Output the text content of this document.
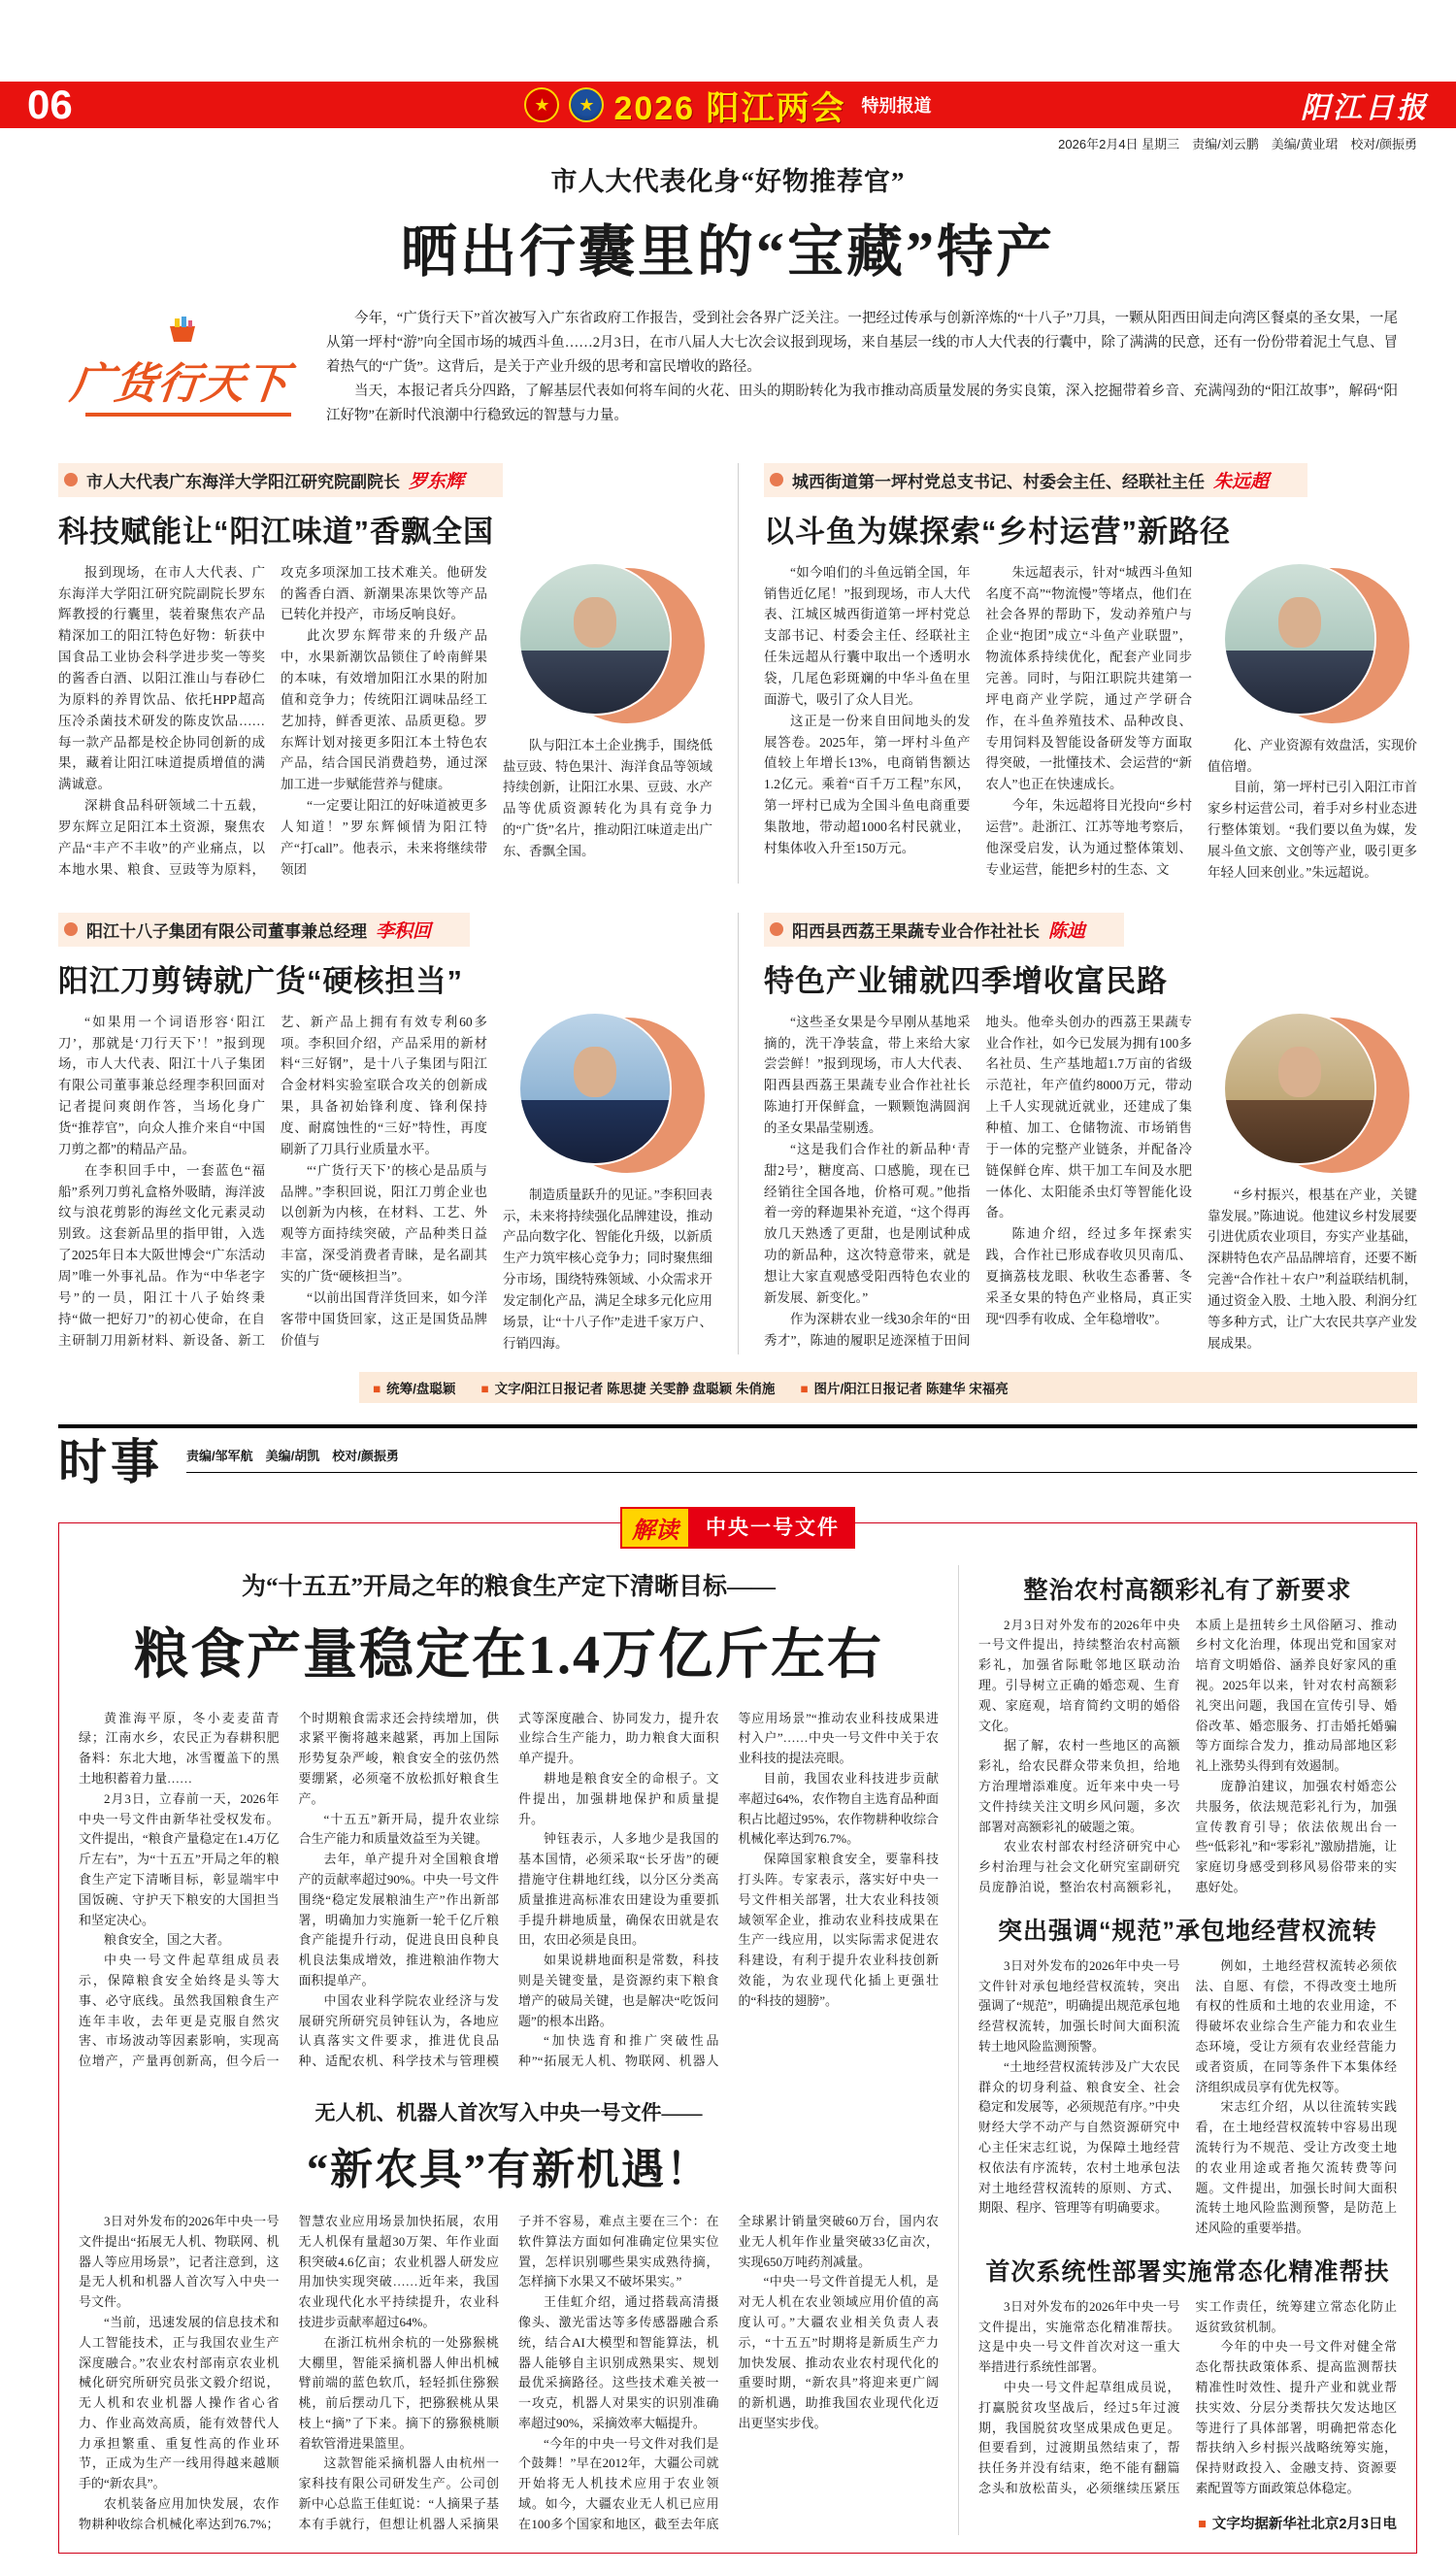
06	★	★ 2026 阳江两会 特别报道	阳江日报
2026年2月4日 星期三　责编/刘云鹏　美编/黄业珺　校对/颜振勇
市人大代表化身“好物推荐官”
晒出行囊里的“宝藏”特产
广货行天下

今年，“广货行天下”首次被写入广东省政府工作报告，受到社会各界广泛关注。一把经过传承与创新淬炼的“十八子”刀具，一颗从阳西田间走向湾区餐桌的圣女果，一尾从第一坪村“游”向全国市场的城西斗鱼……2月3日，在市八届人大七次会议报到现场，来自基层一线的市人大代表的行囊中，除了满满的民意，还有一份份带着泥土气息、冒着热气的“广货”。这背后，是关于产业升级的思考和富民增收的路径。

当天，本报记者兵分四路，了解基层代表如何将车间的火花、田头的期盼转化为我市推动高质量发展的务实良策，深入挖掘带着乡音、充满闯劲的“阳江故事”，解码“阳江好物”在新时代浪潮中行稳致远的智慧与力量。

市人大代表广东海洋大学阳江研究院副院长 罗东辉
科技赋能让“阳江味道”香飘全国

报到现场，在市人大代表、广东海洋大学阳江研究院副院长罗东辉教授的行囊里，装着聚焦农产品精深加工的阳江特色好物：斩获中国食品工业协会科学进步奖一等奖的酱香白酒、以阳江淮山与春砂仁为原料的养胃饮品、依托HPP超高压冷杀菌技术研发的陈皮饮品……每一款产品都是校企协同创新的成果，藏着让阳江味道提质增值的满满诚意。

深耕食品科研领域二十五载，罗东辉立足阳江本土资源，聚焦农产品“丰产不丰收”的产业痛点，以本地水果、粮食、豆豉等为原料，攻克多项深加工技术难关。他研发的酱香白酒、新潮果冻果饮等产品已转化并投产，市场反响良好。

此次罗东辉带来的升级产品中，水果新潮饮品锁住了岭南鲜果的本味，有效增加阳江水果的附加值和竞争力；传统阳江调味品经工艺加持，鲜香更浓、品质更稳。罗东辉计划对接更多阳江本土特色农产品，结合国民消费趋势，通过深加工进一步赋能营养与健康。

“一定要让阳江的好味道被更多人知道！”罗东辉倾情为阳江特产“打call”。他表示，未来将继续带领团

队与阳江本土企业携手，围绕低盐豆豉、特色果汁、海洋食品等领域持续创新，让阳江水果、豆豉、水产品等优质资源转化为具有竞争力的“广货”名片，推动阳江味道走出广东、香飘全国。

城西街道第一坪村党总支书记、村委会主任、经联社主任 朱远超
以斗鱼为媒探索“乡村运营”新路径

“如今咱们的斗鱼远销全国，年销售近亿尾！”报到现场，市人大代表、江城区城西街道第一坪村党总支部书记、村委会主任、经联社主任朱远超从行囊中取出一个透明水袋，几尾色彩斑斓的中华斗鱼在里面游弋，吸引了众人目光。

这正是一份来自田间地头的发展答卷。2025年，第一坪村斗鱼产值较上年增长13%，电商销售额达1.2亿元。乘着“百千万工程”东风，第一坪村已成为全国斗鱼电商重要集散地，带动超1000名村民就业，村集体收入升至150万元。

朱远超表示，针对“城西斗鱼知名度不高”“物流慢”等堵点，他们在社会各界的帮助下，发动养殖户与企业“抱团”成立“斗鱼产业联盟”，物流体系持续优化，配套产业同步完善。同时，与阳江职院共建第一坪电商产业学院，通过产学研合作，在斗鱼养殖技术、品种改良、专用饲料及智能设备研发等方面取得突破，一批懂技术、会运营的“新农人”也正在快速成长。

今年，朱远超将目光投向“乡村运营”。赴浙江、江苏等地考察后，他深受启发，认为通过整体策划、专业运营，能把乡村的生态、文

化、产业资源有效盘活，实现价值倍增。

目前，第一坪村已引入阳江市首家乡村运营公司，着手对乡村业态进行整体策划。“我们要以鱼为媒，发展斗鱼文旅、文创等产业，吸引更多年轻人回来创业。”朱远超说。

阳江十八子集团有限公司董事兼总经理 李积回
阳江刀剪铸就广货“硬核担当”

“如果用一个词语形容‘阳江刀’，那就是‘刀行天下’！”报到现场，市人大代表、阳江十八子集团有限公司董事兼总经理李积回面对记者提问爽朗作答，当场化身广货“推荐官”，向众人推介来自“中国刀剪之都”的精品产品。

在李积回手中，一套蓝色“福船”系列刀剪礼盒格外吸睛，海洋波纹与浪花剪影的海丝文化元素灵动别致。这套新品里的指甲钳，入选了2025年日本大阪世博会“广东活动周”唯一外事礼品。作为“中华老字号”的一员，阳江十八子始终秉持“做一把好刀”的初心使命，在自主研制刀用新材料、新设备、新工艺、新产品上拥有有效专利60多项。李积回介绍，产品采用的新材料“三好钢”，是十八子集团与阳江合金材料实验室联合攻关的创新成果，具备初始锋利度、锋利保持度、耐腐蚀性的“三好”特性，再度刷新了刀具行业质量水平。

“‘广货行天下’的核心是品质与品牌。”李积回说，阳江刀剪企业也以创新为内核，在材料、工艺、外观等方面持续突破，产品种类日益丰富，深受消费者青睐，是名副其实的广货“硬核担当”。

“以前出国背洋货回来，如今洋客带中国货回家，这正是国货品牌价值与

制造质量跃升的见证。”李积回表示，未来将持续强化品牌建设，推动产品向数字化、智能化升级，以新质生产力筑牢核心竞争力；同时聚焦细分市场，围绕特殊领域、小众需求开发定制化产品，满足全球多元化应用场景，让“十八子作”走进千家万户、行销四海。

阳西县西荔王果蔬专业合作社社长 陈迪
特色产业铺就四季增收富民路

“这些圣女果是今早刚从基地采摘的，洗干净装盒，带上来给大家尝尝鲜！”报到现场，市人大代表、阳西县西荔王果蔬专业合作社社长陈迪打开保鲜盒，一颗颗饱满圆润的圣女果晶莹剔透。

“这是我们合作社的新品种‘青甜2号’，糖度高、口感脆，现在已经销往全国各地，价格可观。”他指着一旁的释迦果补充道，“这个得再放几天熟透了更甜，也是刚试种成功的新品种，这次特意带来，就是想让大家直观感受阳西特色农业的新发展、新变化。”

作为深耕农业一线30余年的“田秀才”，陈迪的履职足迹深植于田间地头。他牵头创办的西荔王果蔬专业合作社，如今已发展为拥有100多名社员、生产基地超1.7万亩的省级示范社，年产值约8000万元，带动上千人实现就近就业，还建成了集种植、加工、仓储物流、市场销售于一体的完整产业链条，并配备冷链保鲜仓库、烘干加工车间及水肥一体化、太阳能杀虫灯等智能化设备。

陈迪介绍，经过多年探索实践，合作社已形成春收贝贝南瓜、夏摘荔枝龙眼、秋收生态番薯、冬采圣女果的特色产业格局，真正实现“四季有收成、全年稳增收”。

“乡村振兴，根基在产业，关键靠发展。”陈迪说。他建议乡村发展要引进优质农业项目，夯实产业基础，深耕特色农产品品牌培育，还要不断完善“合作社＋农户”利益联结机制，通过资金入股、土地入股、利润分红等多种方式，让广大农民共享产业发展成果。

■ 统筹/盘聪颖 ■ 文字/阳江日报记者 陈思捷 关雯静 盘聪颖 朱俏施 ■ 图片/阳江日报记者 陈建华 宋福亮
时事 责编/邹军航　美编/胡凯　校对/颜振勇
解读	中央一号文件
为“十五五”开局之年的粮食生产定下清晰目标——
粮食产量稳定在1.4万亿斤左右

黄淮海平原，冬小麦麦苗青绿；江南水乡，农民正为春耕积肥备料：东北大地，冰雪覆盖下的黑土地积蓄着力量……

2月3日，立春前一天，2026年中央一号文件由新华社受权发布。文件提出，“粮食产量稳定在1.4万亿斤左右”，为“十五五”开局之年的粮食生产定下清晰目标，彰显端牢中国饭碗、守护天下粮安的大国担当和坚定决心。

粮食安全，国之大者。

中央一号文件起草组成员表示，保障粮食安全始终是头等大事、必守底线。虽然我国粮食生产连年丰收，去年更是克服自然灾害、市场波动等因素影响，实现高位增产，产量再创新高，但今后一个时期粮食需求还会持续增加，供求紧平衡将越来越紧，再加上国际形势复杂严峻，粮食安全的弦仍然要绷紧，必须毫不放松抓好粮食生产。

“十五五”新开局，提升农业综合生产能力和质量效益至为关键。

去年，单产提升对全国粮食增产的贡献率超过90%。中央一号文件围绕“稳定发展粮油生产”作出新部署，明确加力实施新一轮千亿斤粮食产能提升行动，促进良田良种良机良法集成增效，推进粮油作物大面积提单产。

中国农业科学院农业经济与发展研究所研究员钟钰认为，各地应认真落实文件要求，推进优良品种、适配农机、科学技术与管理模式等深度融合、协同发力，提升农业综合生产能力，助力粮食大面积单产提升。

耕地是粮食安全的命根子。文件提出，加强耕地保护和质量提升。

钟钰表示，人多地少是我国的基本国情，必须采取“长牙齿”的硬措施守住耕地红线，以分区分类高质量推进高标准农田建设为重要抓手提升耕地质量，确保农田就是农田，农田必须是良田。

如果说耕地面积是常数，科技则是关键变量，是资源约束下粮食增产的破局关键，也是解决“吃饭问题”的根本出路。

“加快选育和推广突破性品种”“拓展无人机、物联网、机器人等应用场景”“推动农业科技成果进村入户”……中央一号文件中关于农业科技的提法亮眼。

目前，我国农业科技进步贡献率超过64%，农作物自主选育品种面积占比超过95%，农作物耕种收综合机械化率达到76.7%。

保障国家粮食安全，要靠科技打头阵。专家表示，落实好中央一号文件相关部署，壮大农业科技领域领军企业，推动农业科技成果在生产一线应用，以实际需求促进农科建设，有利于提升农业科技创新效能，为农业现代化插上更强壮的“科技的翅膀”。

无人机、机器人首次写入中央一号文件——
“新农具”有新机遇！

3日对外发布的2026年中央一号文件提出“拓展无人机、物联网、机器人等应用场景”，记者注意到，这是无人机和机器人首次写入中央一号文件。

“当前，迅速发展的信息技术和人工智能技术，正与我国农业生产深度融合。”农业农村部南京农业机械化研究所研究员张文毅介绍说，无人机和农业机器人操作省心省力、作业高效高质，能有效替代人力承担繁重、重复性高的作业环节，正成为生产一线用得越来越顺手的“新农具”。

农机装备应用加快发展，农作物耕种收综合机械化率达到76.7%；智慧农业应用场景加快拓展，农用无人机保有量超30万架、年作业面积突破4.6亿亩；农业机器人研发应用加快实现突破……近年来，我国农业现代化水平持续提升，农业科技进步贡献率超过64%。

在浙江杭州余杭的一处猕猴桃大棚里，智能采摘机器人伸出机械臂前端的蓝色软爪，轻轻抓住猕猴桃，前后摆动几下，把猕猴桃从果枝上“摘”了下来。摘下的猕猴桃顺着软管滑进果篮里。

这款智能采摘机器人由杭州一家科技有限公司研发生产。公司创新中心总监王佳虹说：“人摘果子基本有手就行，但想让机器人采摘果子并不容易，难点主要在三个：在软件算法方面如何准确定位果实位置，怎样识别哪些果实成熟待摘，怎样摘下水果又不破坏果实。”

王佳虹介绍，通过搭载高清摄像头、激光雷达等多传感器融合系统，结合AI大模型和智能算法，机器人能够自主识别成熟果实、规划最优采摘路径。这些技术难关被一一攻克，机器人对果实的识别准确率超过90%，采摘效率大幅提升。

“今年的中央一号文件对我们是个鼓舞！”早在2012年，大疆公司就开始将无人机技术应用于农业领域。如今，大疆农业无人机已应用在100多个国家和地区，截至去年底全球累计销量突破60万台，国内农业无人机年作业量突破33亿亩次，实现650万吨药剂减量。

“中央一号文件首提无人机，是对无人机在农业领域应用价值的高度认可。”大疆农业相关负责人表示，“十五五”时期将是新质生产力加快发展、推动农业农村现代化的重要时期，“新农具”将迎来更广阔的新机遇，助推我国农业现代化迈出更坚实步伐。

整治农村高额彩礼有了新要求

2月3日对外发布的2026年中央一号文件提出，持续整治农村高额彩礼，加强省际毗邻地区联动治理。引导树立正确的婚恋观、生育观、家庭观，培育简约文明的婚俗文化。

据了解，农村一些地区的高额彩礼，给农民群众带来负担，给地方治理增添难度。近年来中央一号文件持续关注文明乡风问题，多次部署对高额彩礼的破题之策。

农业农村部农村经济研究中心乡村治理与社会文化研究室副研究员庞静泊说，整治农村高额彩礼，本质上是扭转乡土风俗陋习、推动乡村文化治理，体现出党和国家对培育文明婚俗、涵养良好家风的重视。2025年以来，针对农村高额彩礼突出问题，我国在宣传引导、婚俗改革、婚恋服务、打击婚托婚骗等方面综合发力，推动局部地区彩礼上涨势头得到有效遏制。

庞静泊建议，加强农村婚恋公共服务，依法规范彩礼行为，加强宣传教育引导；依法依规出台一些“低彩礼”和“零彩礼”激励措施，让家庭切身感受到移风易俗带来的实惠好处。

突出强调“规范”承包地经营权流转

3日对外发布的2026年中央一号文件针对承包地经营权流转，突出强调了“规范”，明确提出规范承包地经营权流转，加强长时间大面积流转土地风险监测预警。

“土地经营权流转涉及广大农民群众的切身利益、粮食安全、社会稳定和发展等，必须规范有序。”中央财经大学不动产与自然资源研究中心主任宋志红说，为保障土地经营权依法有序流转，农村土地承包法对土地经营权流转的原则、方式、期限、程序、管理等有明确要求。

例如，土地经营权流转必须依法、自愿、有偿，不得改变土地所有权的性质和土地的农业用途，不得破坏农业综合生产能力和农业生态环境，受让方须有农业经营能力或者资质，在同等条件下本集体经济组织成员享有优先权等。

宋志红介绍，从以往流转实践看，在土地经营权流转中容易出现流转行为不规范、受让方改变土地的农业用途或者拖欠流转费等问题。文件提出，加强长时间大面积流转土地风险监测预警，是防范上述风险的重要举措。

首次系统性部署实施常态化精准帮扶

3日对外发布的2026年中央一号文件提出，实施常态化精准帮扶。这是中央一号文件首次对这一重大举措进行系统性部署。

中央一号文件起草组成员说，打赢脱贫攻坚战后，经过5年过渡期，我国脱贫攻坚成果成色更足。但要看到，过渡期虽然结束了，帮扶任务并没有结束，绝不能有翻篇念头和放松苗头，必须继续压紧压实工作责任，统筹建立常态化防止返贫致贫机制。

今年的中央一号文件对健全常态化帮扶政策体系、提高监测帮扶精准性时效性、提升产业和就业帮扶实效、分层分类帮扶欠发达地区等进行了具体部署，明确把常态化帮扶纳入乡村振兴战略统筹实施，保持财政投入、金融支持、资源要素配置等方面政策总体稳定。

■ 文字均据新华社北京2月3日电
